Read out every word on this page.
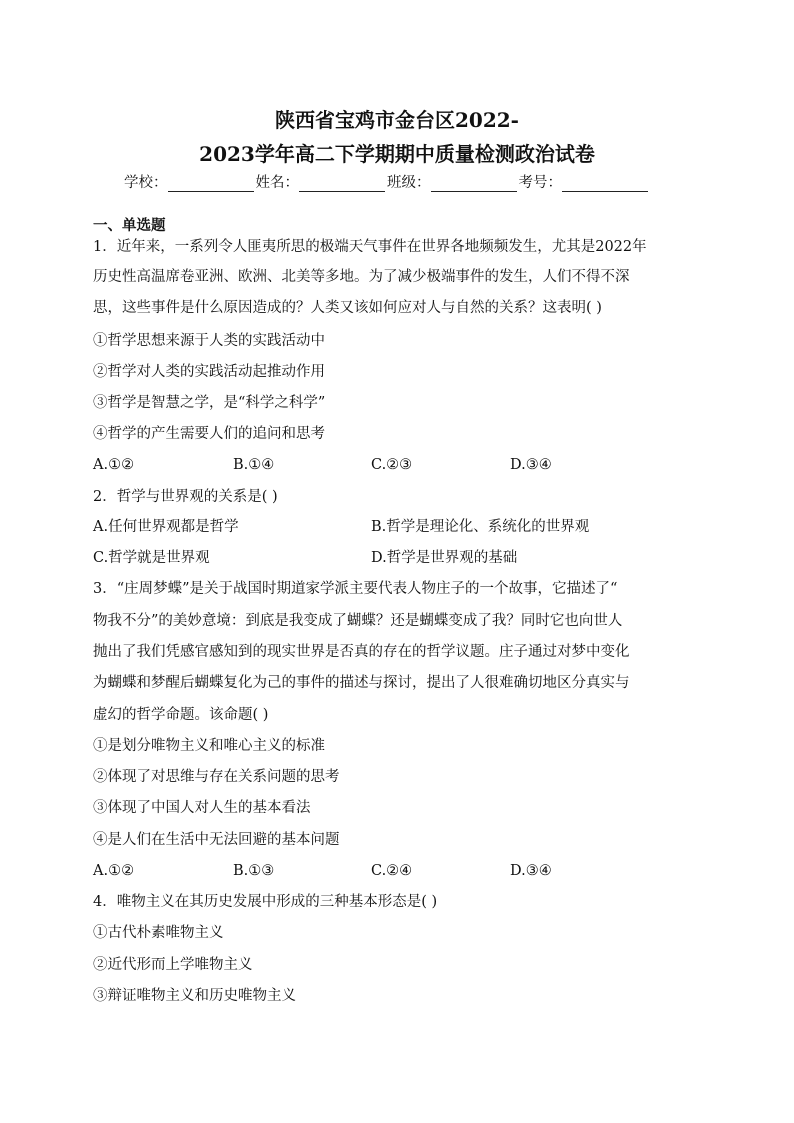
陕西省宝鸡市金台区2022-
2023学年高二下学期期中质量检测政治试卷
学校：	姓名：	班级：	考号：
一、单选题
1．近年来，一系列令人匪夷所思的极端天气事件在世界各地频频发生，尤其是2022年
历史性高温席卷亚洲、欧洲、北美等多地。为了减少极端事件的发生，人们不得不深
思，这些事件是什么原因造成的？人类又该如何应对人与自然的关系？这表明( )
①哲学思想来源于人类的实践活动中
②哲学对人类的实践活动起推动作用
③哲学是智慧之学，是“科学之科学”
④哲学的产生需要人们的追问和思考
A.①②	B.①④	C.②③	D.③④
2．哲学与世界观的关系是( )
A.任何世界观都是哲学	B.哲学是理论化、系统化的世界观
C.哲学就是世界观	D.哲学是世界观的基础
3．“庄周梦蝶”是关于战国时期道家学派主要代表人物庄子的一个故事，它描述了“
物我不分”的美妙意境：到底是我变成了蝴蝶？还是蝴蝶变成了我？同时它也向世人
抛出了我们凭感官感知到的现实世界是否真的存在的哲学议题。庄子通过对梦中变化
为蝴蝶和梦醒后蝴蝶复化为己的事件的描述与探讨，提出了人很难确切地区分真实与
虚幻的哲学命题。该命题( )
①是划分唯物主义和唯心主义的标准
②体现了对思维与存在关系问题的思考
③体现了中国人对人生的基本看法
④是人们在生活中无法回避的基本问题
A.①②	B.①③	C.②④	D.③④
4．唯物主义在其历史发展中形成的三种基本形态是( )
①古代朴素唯物主义
②近代形而上学唯物主义
③辩证唯物主义和历史唯物主义
